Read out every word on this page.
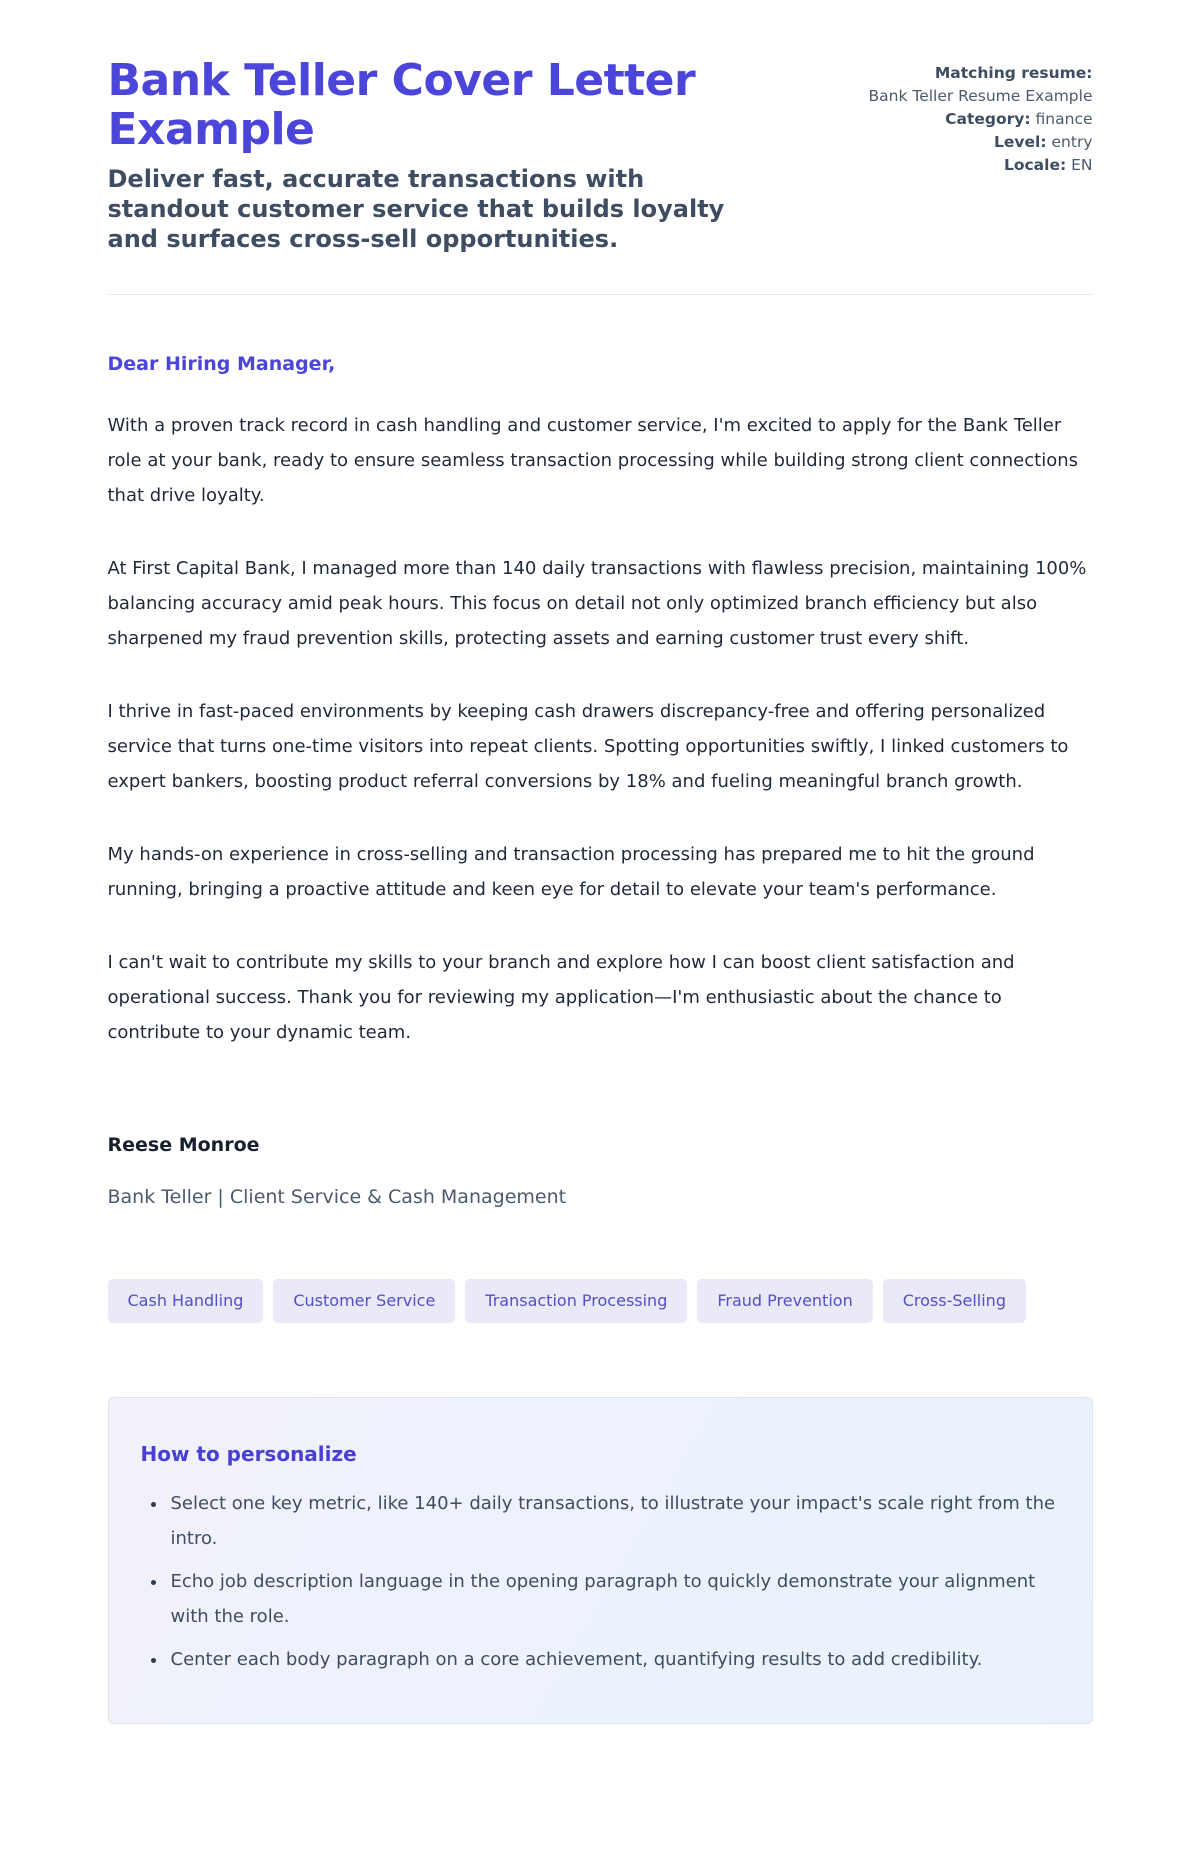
Bank Teller Cover Letter Example

Deliver fast, accurate transactions with standout customer service that builds loyalty and surfaces cross-sell opportunities.

Matching resume:
Bank Teller Resume Example
Category: finance
Level: entry
Locale: EN

Dear Hiring Manager,

With a proven track record in cash handling and customer service, I'm excited to apply for the Bank Teller role at your bank, ready to ensure seamless transaction processing while building strong client connections that drive loyalty.

At First Capital Bank, I managed more than 140 daily transactions with flawless precision, maintaining 100% balancing accuracy amid peak hours. This focus on detail not only optimized branch efficiency but also sharpened my fraud prevention skills, protecting assets and earning customer trust every shift.

I thrive in fast-paced environments by keeping cash drawers discrepancy-free and offering personalized service that turns one-time visitors into repeat clients. Spotting opportunities swiftly, I linked customers to expert bankers, boosting product referral conversions by 18% and fueling meaningful branch growth.

My hands-on experience in cross-selling and transaction processing has prepared me to hit the ground running, bringing a proactive attitude and keen eye for detail to elevate your team's performance.

I can't wait to contribute my skills to your branch and explore how I can boost client satisfaction and operational success. Thank you for reviewing my application—I'm enthusiastic about the chance to contribute to your dynamic team.

Reese Monroe

Bank Teller | Client Service & Cash Management

Cash Handling	Customer Service	Transaction Processing	Fraud Prevention	Cross-Selling
How to personalize
• Select one key metric, like 140+ daily transactions, to illustrate your impact's scale right from the intro.
• Echo job description language in the opening paragraph to quickly demonstrate your alignment with the role.
• Center each body paragraph on a core achievement, quantifying results to add credibility.
